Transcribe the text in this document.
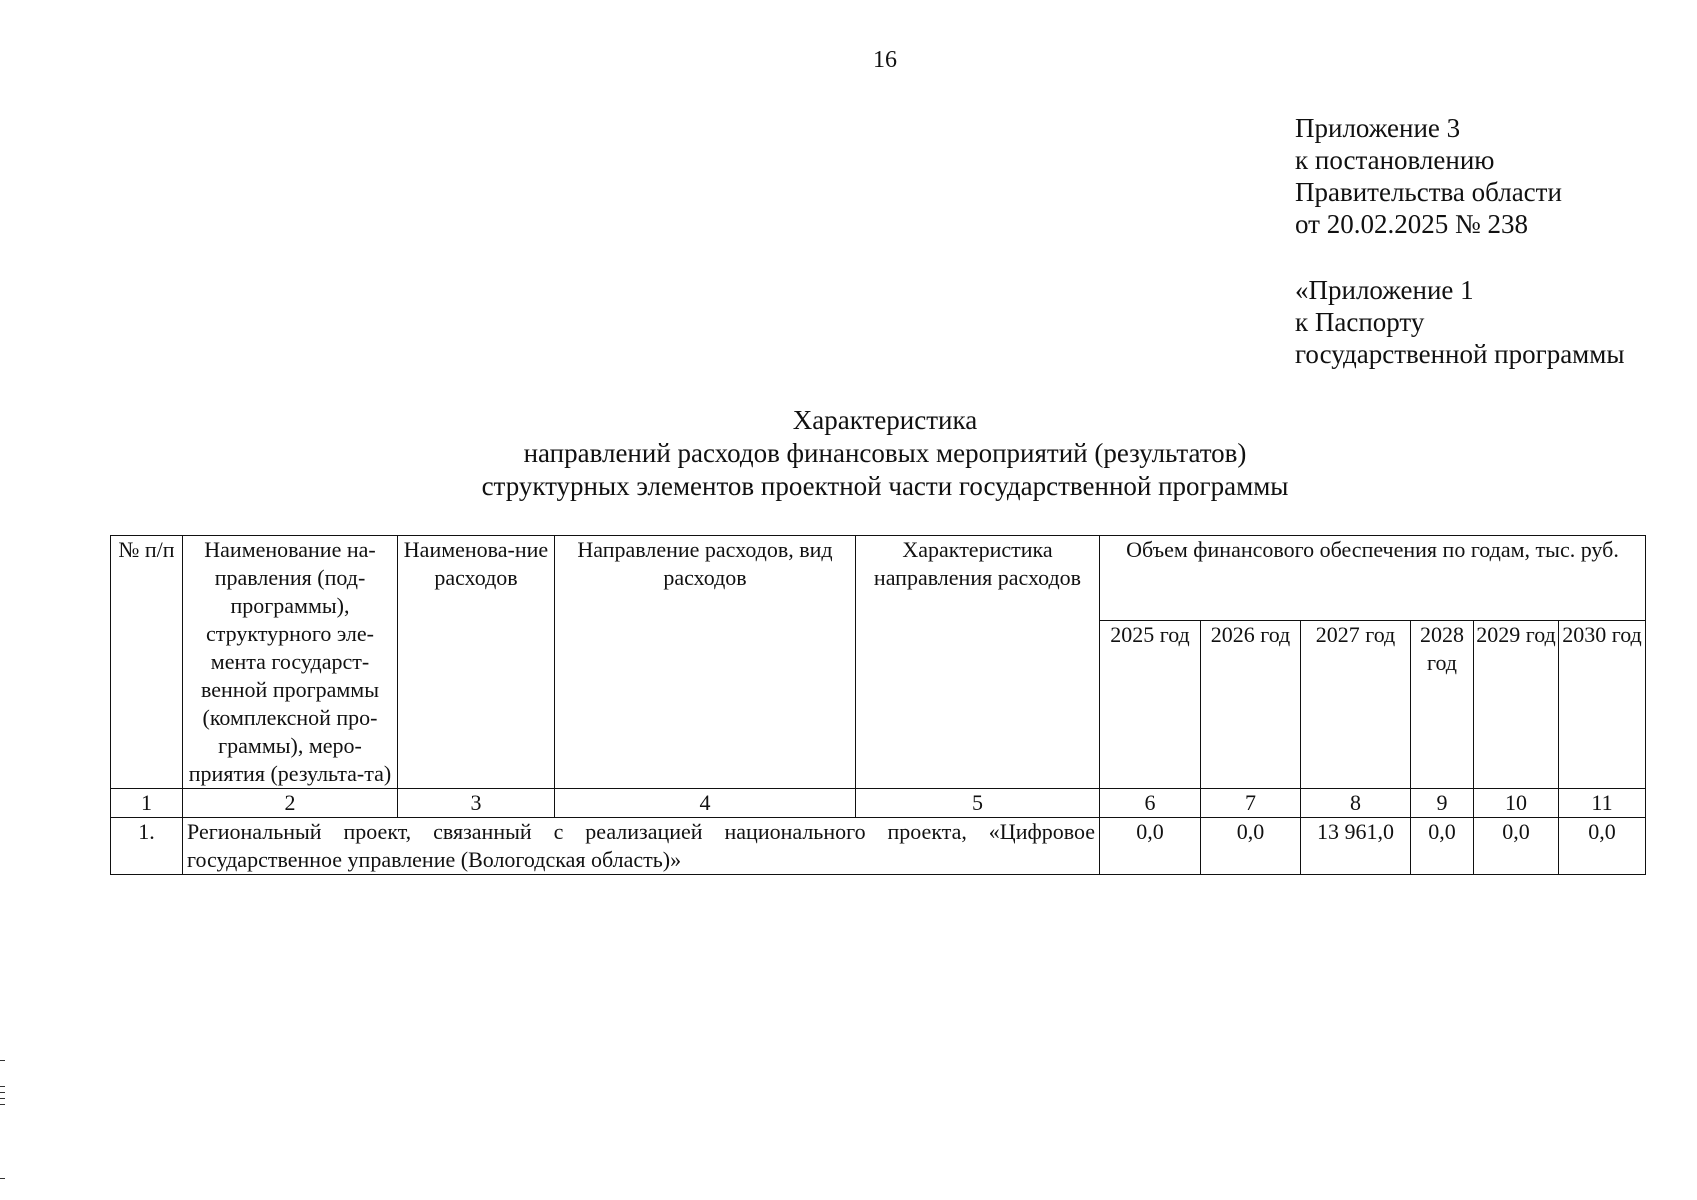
16
Приложение 3
к постановлению
Правительства области
от 20.02.2025 № 238
«Приложение 1
к Паспорту
государственной программы
Характеристика
направлений расходов финансовых мероприятий (результатов)
структурных элементов проектной части государственной программы
№ п/п	Наименование на-правления (под-программы), структурного эле-мента государст-венной программы (комплексной про-граммы), меро-приятия (результа-та)	Наименова-ние расходов	Направление расходов, вид расходов	Характеристика направления расходов	Объем финансового обеспечения по годам, тыс. руб.					
					2025 год	2026 год	2027 год	2028 год	2029 год	2030 год
1	2	3	4	5	6	7	8	9	10	11
1.	Региональный проект, связанный с реализацией национального проекта, «Цифровое государственное управление (Вологодская область)»				0,0	0,0	13 961,0	0,0	0,0	0,0
